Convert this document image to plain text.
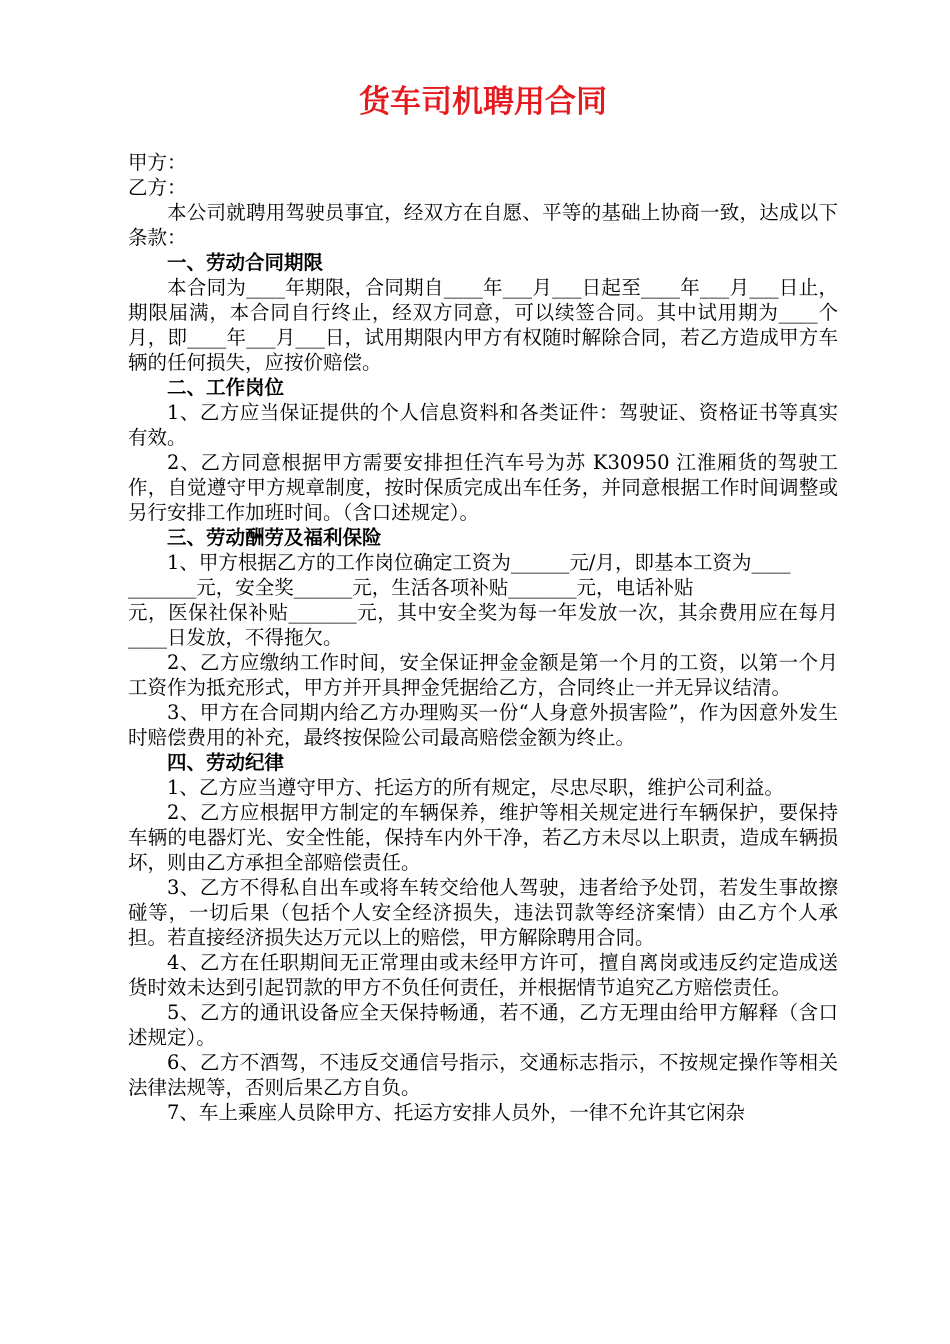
货车司机聘用合同

甲方：

乙方：

本公司就聘用驾驶员事宜，经双方在自愿、平等的基础上协商一致，达成以下条款：

一、劳动合同期限

本合同为____年期限，合同期自____年___月___日起至____年___月___日止，期限届满，本合同自行终止，经双方同意，可以续签合同。其中试用期为____个月，即____年___月___日，试用期限内甲方有权随时解除合同，若乙方造成甲方车辆的任何损失，应按价赔偿。

二、工作岗位

1、乙方应当保证提供的个人信息资料和各类证件：驾驶证、资格证书等真实有效。

2、乙方同意根据甲方需要安排担任汽车号为苏 K30950 江淮厢货的驾驶工作，自觉遵守甲方规章制度，按时保质完成出车任务，并同意根据工作时间调整或另行安排工作加班时间。（含口述规定）。

三、劳动酬劳及福利保险

1、甲方根据乙方的工作岗位确定工资为______元/月，即基本工资为____

_______元，安全奖______元，生活各项补贴_______元，电话补贴

元，医保社保补贴_______元，其中安全奖为每一年发放一次，其余费用应在每月____日发放，不得拖欠。

2、乙方应缴纳工作时间，安全保证押金金额是第一个月的工资，以第一个月工资作为抵充形式，甲方并开具押金凭据给乙方，合同终止一并无异议结清。

3、甲方在合同期内给乙方办理购买一份“人身意外损害险”，作为因意外发生时赔偿费用的补充，最终按保险公司最高赔偿金额为终止。

四、劳动纪律

1、乙方应当遵守甲方、托运方的所有规定，尽忠尽职，维护公司利益。

2、乙方应根据甲方制定的车辆保养，维护等相关规定进行车辆保护，要保持车辆的电器灯光、安全性能，保持车内外干净，若乙方未尽以上职责，造成车辆损坏，则由乙方承担全部赔偿责任。

3、乙方不得私自出车或将车转交给他人驾驶，违者给予处罚，若发生事故擦碰等，一切后果（包括个人安全经济损失，违法罚款等经济案情）由乙方个人承担。若直接经济损失达万元以上的赔偿，甲方解除聘用合同。

4、乙方在任职期间无正常理由或未经甲方许可，擅自离岗或违反约定造成送货时效未达到引起罚款的甲方不负任何责任，并根据情节追究乙方赔偿责任。

5、乙方的通讯设备应全天保持畅通，若不通，乙方无理由给甲方解释（含口述规定）。

6、乙方不酒驾，不违反交通信号指示，交通标志指示，不按规定操作等相关法律法规等，否则后果乙方自负。

7、车上乘座人员除甲方、托运方安排人员外，一律不允许其它闲杂
